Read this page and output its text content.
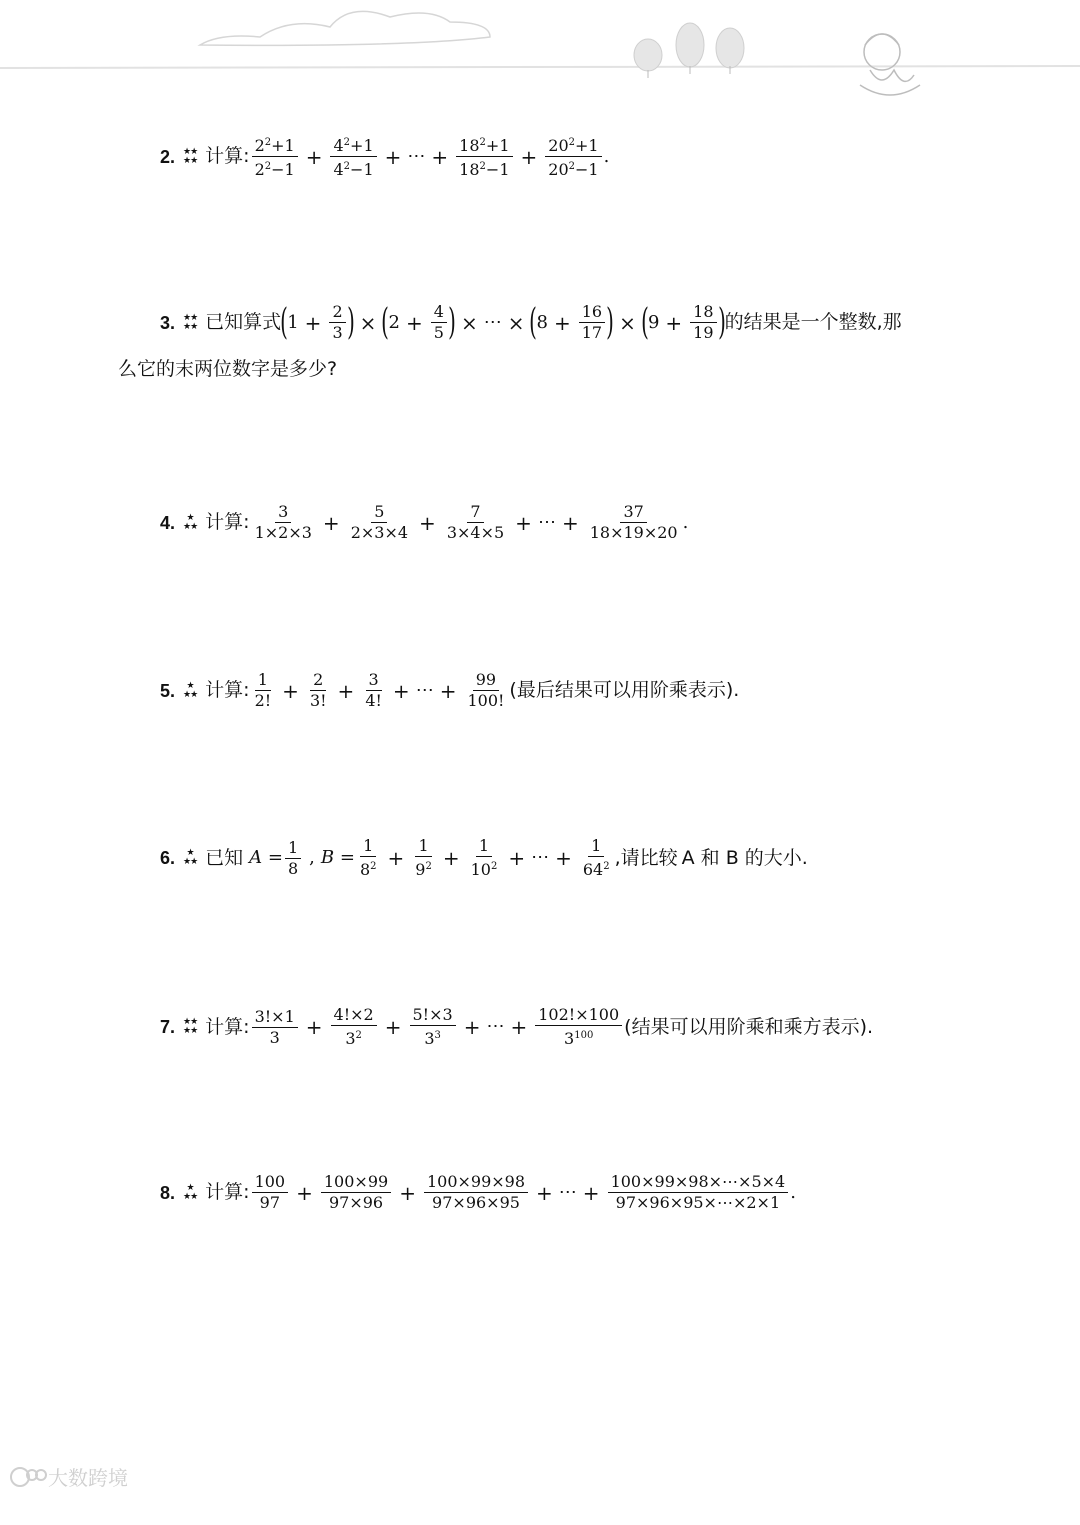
2. ★★
★★ 计算: $\frac{2^2+1}{2^2-1} + \frac{4^2+1}{4^2-1}$ + ⋯ + $\frac{18^2+1}{18^2-1} + \frac{20^2+1}{20^2-1}$ .
3. ★★
★★ 已知算式 ( $1 + \frac{2}{3}$ ) × ( $2 + \frac{4}{5}$ ) × ⋯ × ( $8 + \frac{16}{17}$ ) × ( $9 + \frac{18}{19}$ ) 的结果是一个整数,那
么它的末两位数字是多少?
4. ★
★★ 计算: $\frac{3}{1\times 2\times 3} + \frac{5}{2\times 3\times 4} + \frac{7}{3\times 4\times 5}$ + ⋯ + $\frac{37}{18\times 19\times 20}$ .
5. ★
★★ 计算: $\frac{1}{2!} + \frac{2}{3!} + \frac{3}{4!}$ + ⋯ + $\frac{99}{100!}$ (最后结果可以用阶乘表示).
6. ★
★★ 已知 $A = \frac{1}{8}$ , $B = \frac{1}{8^2} + \frac{1}{9^2} + \frac{1}{10^2}$ + ⋯ + $\frac{1}{64^2}$ ,请比较 A 和 B 的大小.
7. ★★
★★ 计算: $\frac{3!\times 1}{3} + \frac{4!\times 2}{3^2} + \frac{5!\times 3}{3^3}$ + ⋯ + $\frac{102!\times 100}{3^{100}}$ (结果可以用阶乘和乘方表示).
8. ★
★★ 计算: $\frac{100}{97} + \frac{100\times 99}{97\times 96} + \frac{100\times 99\times 98}{97\times 96\times 95}$ + ⋯ + $\frac{100\times 99\times 98\times\cdots\times 5\times 4}{97\times 96\times 95\times\cdots\times 2\times 1}$ .
大数跨境
